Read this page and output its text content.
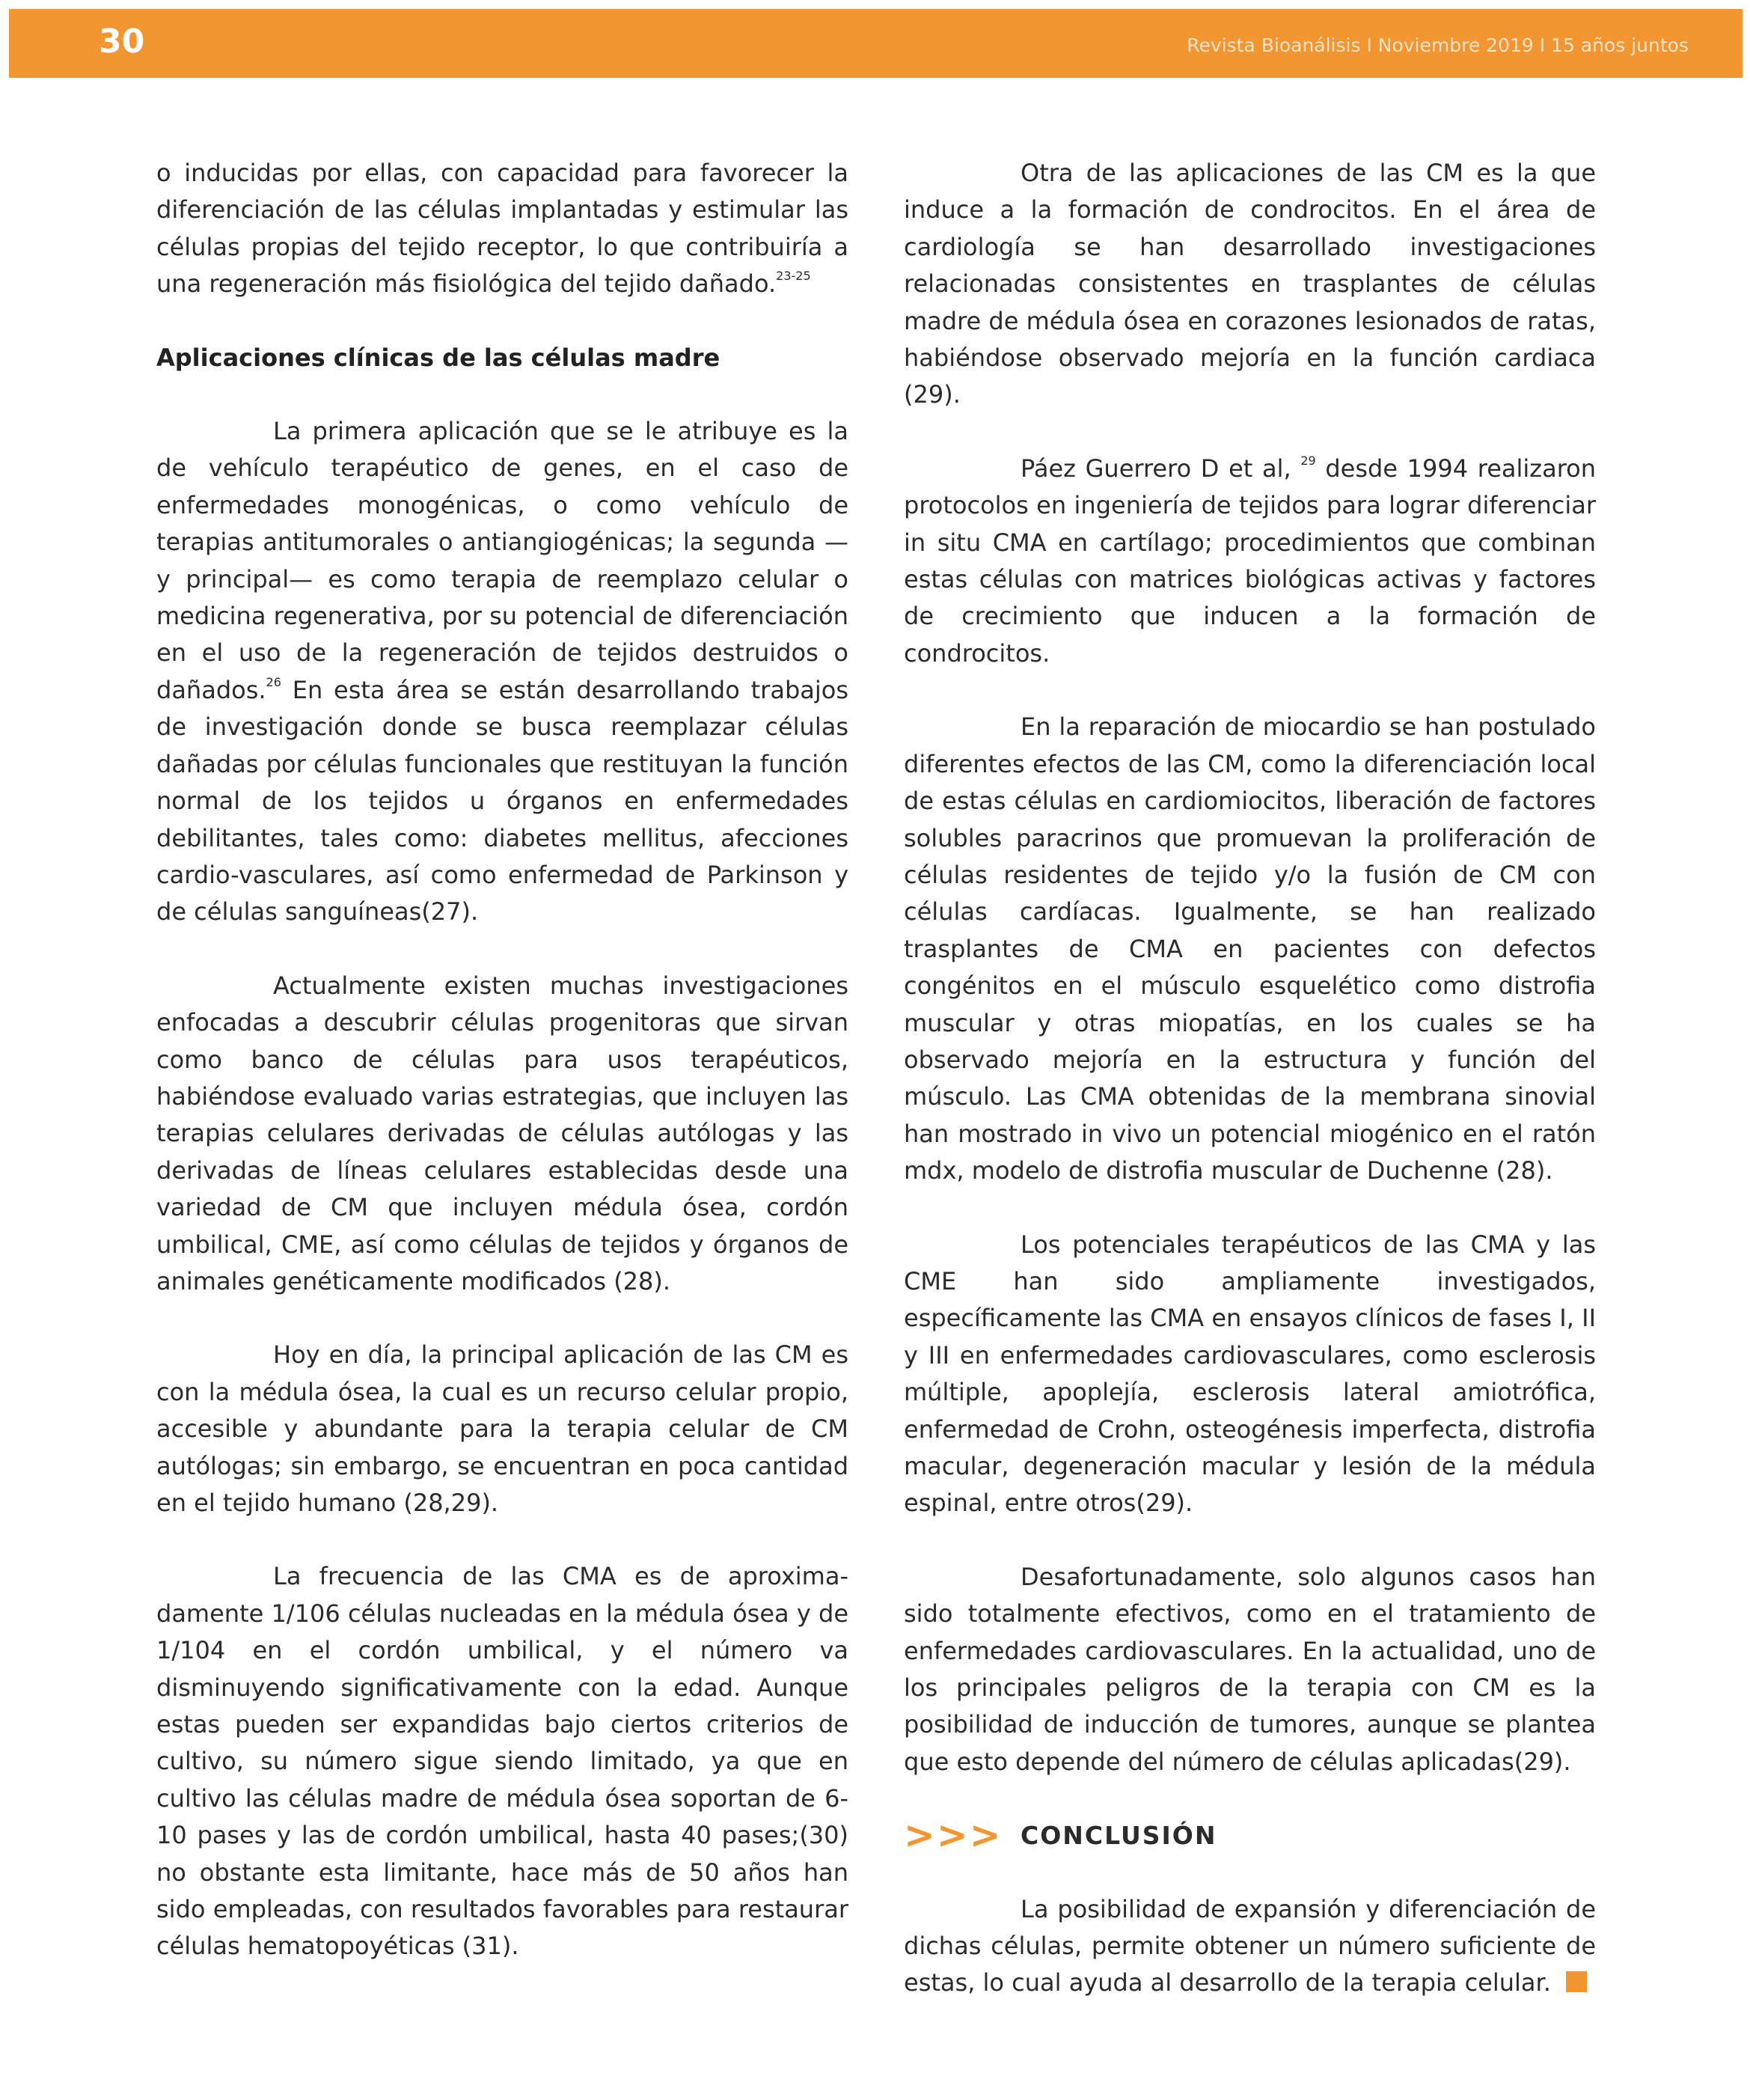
30	Revista Bioanálisis I Noviembre 2019 I 15 años juntos

o inducidas por ellas, con capacidad para favorecer la diferenciación de las células implantadas y estimular las células propias del tejido receptor, lo que contribuiría a una regeneración más fisiológica del tejido dañado.$^{23-25}$

Aplicaciones clínicas de las células madre

La primera aplicación que se le atribuye es la de vehículo terapéutico de genes, en el caso de enfermedades monogénicas, o como vehículo de terapias antitumorales o antiangiogénicas; la segunda —y principal— es como terapia de reemplazo celular o medicina regenerativa, por su potencial de diferenciación en el uso de la regeneración de tejidos destruidos o dañados.$^{26}$ En esta área se están desarrollando trabajos de investigación donde se busca reemplazar células dañadas por células funcionales que restituyan la función normal de los tejidos u órganos en enfermedades debilitantes, tales como: diabetes mellitus, afecciones cardio-vasculares, así como enfermedad de Parkinson y de células sanguíneas(27).

Actualmente existen muchas investigaciones enfocadas a descubrir células progenitoras que sirvan como banco de células para usos terapéuticos, habiéndose evaluado varias estrategias, que incluyen las terapias celulares derivadas de células autólogas y las derivadas de líneas celulares establecidas desde una variedad de CM que incluyen médula ósea, cordón umbilical, CME, así como células de tejidos y órganos de animales genéticamente modificados (28).

Hoy en día, la principal aplicación de las CM es con la médula ósea, la cual es un recurso celular propio, accesible y abundante para la terapia celular de CM autólogas; sin embargo, se encuentran en poca cantidad en el tejido humano (28,29).

La frecuencia de las CMA es de aproxima-damente 1/106 células nucleadas en la médula ósea y de 1/104 en el cordón umbilical, y el número va disminuyendo significativamente con la edad. Aunque estas pueden ser expandidas bajo ciertos criterios de cultivo, su número sigue siendo limitado, ya que en cultivo las células madre de médula ósea soportan de 6-10 pases y las de cordón umbilical, hasta 40 pases;(30) no obstante esta limitante, hace más de 50 años han sido empleadas, con resultados favorables para restaurar células hematopoyéticas (31).

Otra de las aplicaciones de las CM es la que induce a la formación de condrocitos. En el área de cardiología se han desarrollado investigaciones relacionadas consistentes en trasplantes de células madre de médula ósea en corazones lesionados de ratas, habiéndose observado mejoría en la función cardiaca (29).

Páez Guerrero D et al, $^{29}$ desde 1994 realizaron protocolos en ingeniería de tejidos para lograr diferenciar in situ CMA en cartílago; procedimientos que combinan estas células con matrices biológicas activas y factores de crecimiento que inducen a la formación de condrocitos.

En la reparación de miocardio se han postulado diferentes efectos de las CM, como la diferenciación local de estas células en cardiomiocitos, liberación de factores solubles paracrinos que promuevan la proliferación de células residentes de tejido y/o la fusión de CM con células cardíacas. Igualmente, se han realizado trasplantes de CMA en pacientes con defectos congénitos en el músculo esquelético como distrofia muscular y otras miopatías, en los cuales se ha observado mejoría en la estructura y función del músculo. Las CMA obtenidas de la membrana sinovial han mostrado in vivo un potencial miogénico en el ratón mdx, modelo de distrofia muscular de Duchenne (28).

Los potenciales terapéuticos de las CMA y las CME han sido ampliamente investigados, específicamente las CMA en ensayos clínicos de fases I, II y III en enfermedades cardiovasculares, como esclerosis múltiple, apoplejía, esclerosis lateral amiotrófica, enfermedad de Crohn, osteogénesis imperfecta, distrofia macular, degeneración macular y lesión de la médula espinal, entre otros(29).

Desafortunadamente, solo algunos casos han sido totalmente efectivos, como en el tratamiento de enfermedades cardiovasculares. En la actualidad, uno de los principales peligros de la terapia con CM es la posibilidad de inducción de tumores, aunque se plantea que esto depende del número de células aplicadas(29).

>>> CONCLUSIÓN

La posibilidad de expansión y diferenciación de dichas células, permite obtener un número suficiente de estas, lo cual ayuda al desarrollo de la terapia celular.
